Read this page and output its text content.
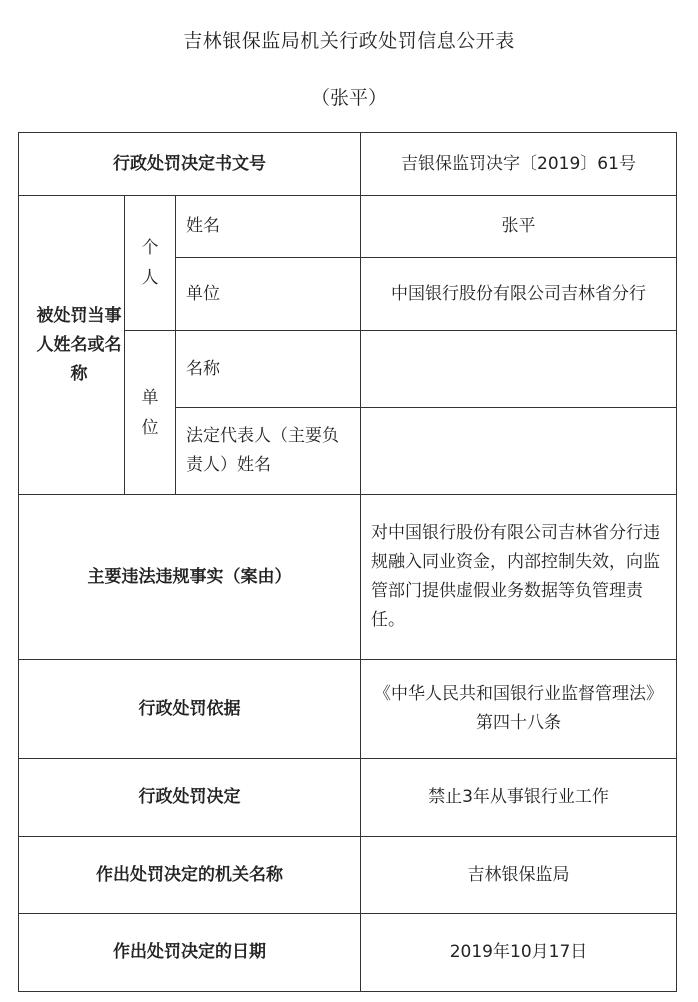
吉林银保监局机关行政处罚信息公开表
（张平）
行政处罚决定书文号			吉银保监罚决字〔2019〕61号
被处罚当事人姓名或名称	个人	姓名	张平
		单位	中国银行股份有限公司吉林省分行
	单位	名称	
		法定代表人（主要负责人）姓名	
主要违法违规事实（案由）			对中国银行股份有限公司吉林省分行违规融入同业资金，内部控制失效，向监管部门提供虚假业务数据等负管理责任。
行政处罚依据			《中华人民共和国银行业监督管理法》第四十八条
行政处罚决定			禁止3年从事银行业工作
作出处罚决定的机关名称			吉林银保监局
作出处罚决定的日期			2019年10月17日
